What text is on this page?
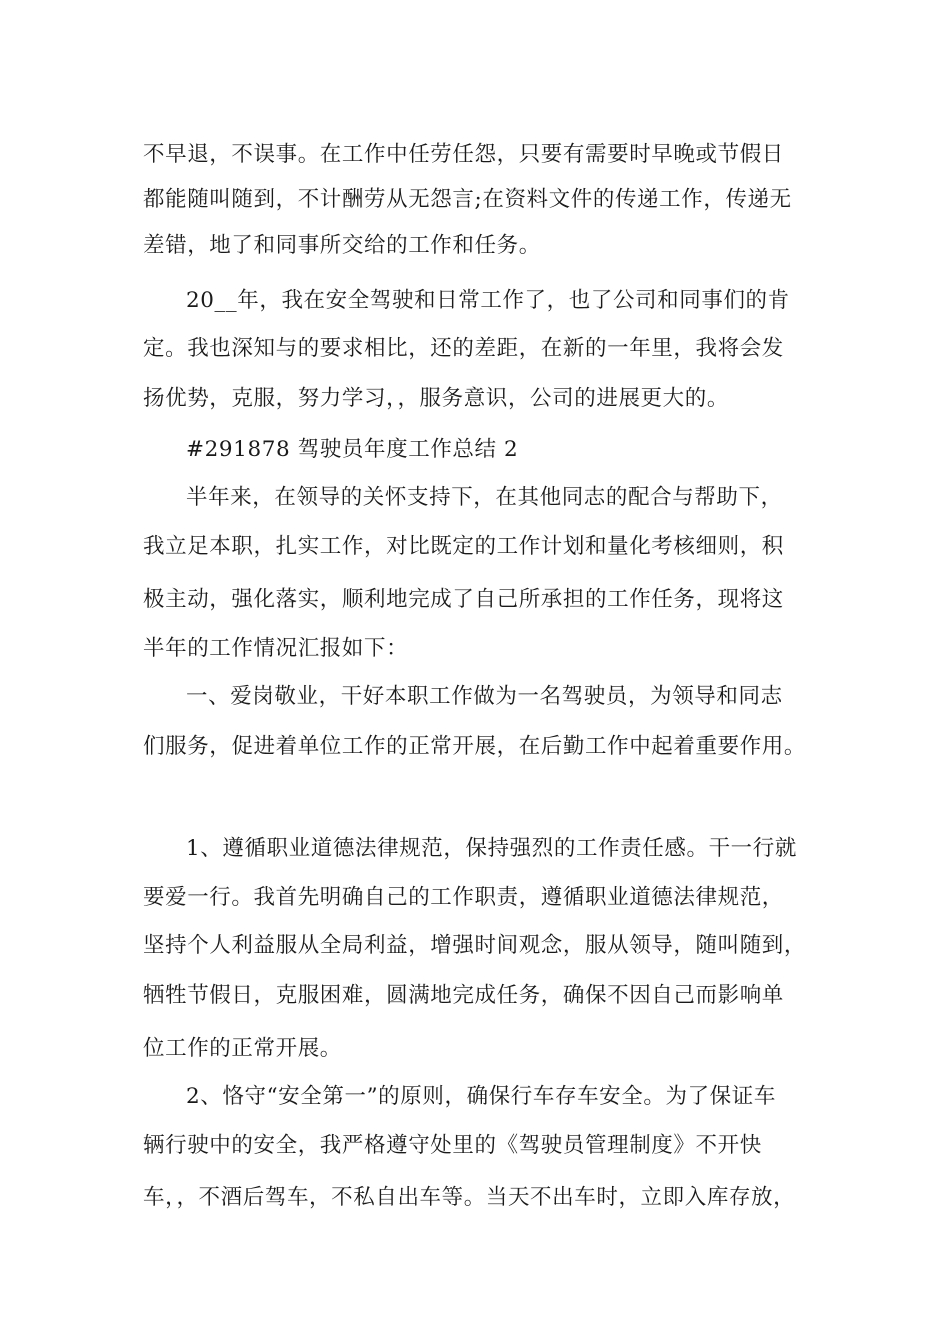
不早退，不误事。在工作中任劳任怨，只要有需要时早晚或节假日
都能随叫随到，不计酬劳从无怨言;在资料文件的传递工作，传递无
差错，地了和同事所交给的工作和任务。
20__年，我在安全驾驶和日常工作了，也了公司和同事们的肯
定。我也深知与的要求相比，还的差距，在新的一年里，我将会发
扬优势，克服，努力学习，，服务意识，公司的进展更大的。
#291878 驾驶员年度工作总结 2
半年来，在领导的关怀支持下，在其他同志的配合与帮助下，
我立足本职，扎实工作，对比既定的工作计划和量化考核细则，积
极主动，强化落实，顺利地完成了自己所承担的工作任务，现将这
半年的工作情况汇报如下：
一、爱岗敬业，干好本职工作做为一名驾驶员，为领导和同志
们服务，促进着单位工作的正常开展，在后勤工作中起着重要作用。
1、遵循职业道德法律规范，保持强烈的工作责任感。干一行就
要爱一行。我首先明确自己的工作职责，遵循职业道德法律规范，
坚持个人利益服从全局利益，增强时间观念，服从领导，随叫随到，
牺牲节假日，克服困难，圆满地完成任务，确保不因自己而影响单
位工作的正常开展。
2、恪守“安全第一”的原则，确保行车存车安全。为了保证车
辆行驶中的安全，我严格遵守处里的《驾驶员管理制度》不开快
车，，不酒后驾车，不私自出车等。当天不出车时，立即入库存放，
